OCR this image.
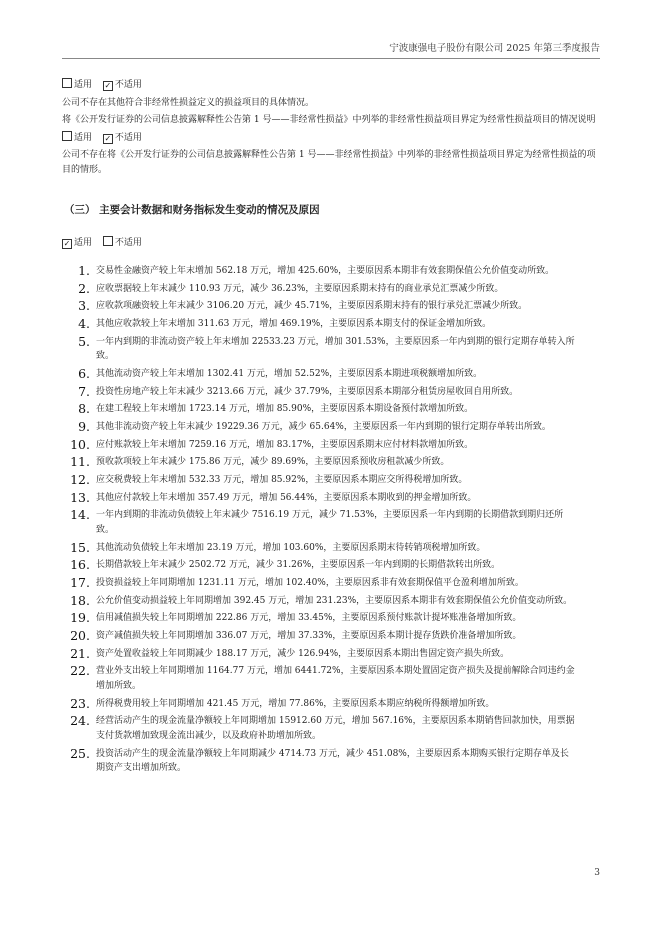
宁波康强电子股份有限公司 2025 年第三季度报告

适用 ✓ 不适用

公司不存在其他符合非经常性损益定义的损益项目的具体情况。

将《公开发行证券的公司信息披露解释性公告第 1 号——非经常性损益》中列举的非经常性损益项目界定为经常性损益项目的情况说明

适用 ✓ 不适用

公司不存在将《公开发行证券的公司信息披露解释性公告第 1 号——非经常性损益》中列举的非经常性损益项目界定为经常性损益的项目的情形。

（三） 主要会计数据和财务指标发生变动的情况及原因

✓ 适用	不适用

1. 交易性金融资产较上年末增加 562.18 万元，增加 425.60%，主要原因系本期非有效套期保值公允价值变动所致。
2. 应收票据较上年末减少 110.93 万元，减少 36.23%，主要原因系期末持有的商业承兑汇票减少所致。
3. 应收款项融资较上年末减少 3106.20 万元，减少 45.71%，主要原因系期末持有的银行承兑汇票减少所致。
4. 其他应收款较上年末增加 311.63 万元，增加 469.19%，主要原因系本期支付的保证金增加所致。
5. 一年内到期的非流动资产较上年末增加 22533.23 万元，增加 301.53%，主要原因系一年内到期的银行定期存单转入所致。
6. 其他流动资产较上年末增加 1302.41 万元，增加 52.52%，主要原因系本期进项税额增加所致。
7. 投资性房地产较上年末减少 3213.66 万元，减少 37.79%，主要原因系本期部分租赁房屋收回自用所致。
8. 在建工程较上年末增加 1723.14 万元，增加 85.90%，主要原因系本期设备预付款增加所致。
9. 其他非流动资产较上年末减少 19229.36 万元，减少 65.64%，主要原因系一年内到期的银行定期存单转出所致。
10. 应付账款较上年末增加 7259.16 万元，增加 83.17%，主要原因系期末应付材料款增加所致。
11. 预收款项较上年末减少 175.86 万元，减少 89.69%，主要原因系预收房租款减少所致。
12. 应交税费较上年末增加 532.33 万元，增加 85.92%，主要原因系本期应交所得税增加所致。
13. 其他应付款较上年末增加 357.49 万元，增加 56.44%，主要原因系本期收到的押金增加所致。
14. 一年内到期的非流动负债较上年末减少 7516.19 万元，减少 71.53%，主要原因系一年内到期的长期借款到期归还所致。
15. 其他流动负债较上年末增加 23.19 万元，增加 103.60%，主要原因系期末待转销项税增加所致。
16. 长期借款较上年末减少 2502.72 万元，减少 31.26%，主要原因系一年内到期的长期借款转出所致。
17. 投资损益较上年同期增加 1231.11 万元，增加 102.40%，主要原因系非有效套期保值平仓盈利增加所致。
18. 公允价值变动损益较上年同期增加 392.45 万元，增加 231.23%，主要原因系本期非有效套期保值公允价值变动所致。
19. 信用减值损失较上年同期增加 222.86 万元，增加 33.45%，主要原因系预付账款计提坏账准备增加所致。
20. 资产减值损失较上年同期增加 336.07 万元，增加 37.33%，主要原因系本期计提存货跌价准备增加所致。
21. 资产处置收益较上年同期减少 188.17 万元，减少 126.94%，主要原因系本期出售固定资产损失所致。
22. 营业外支出较上年同期增加 1164.77 万元，增加 6441.72%，主要原因系本期处置固定资产损失及提前解除合同违约金增加所致。
23. 所得税费用较上年同期增加 421.45 万元，增加 77.86%，主要原因系本期应纳税所得额增加所致。
24. 经营活动产生的现金流量净额较上年同期增加 15912.60 万元，增加 567.16%，主要原因系本期销售回款加快，用票据支付货款增加致现金流出减少，以及政府补助增加所致。
25. 投资活动产生的现金流量净额较上年同期减少 4714.73 万元，减少 451.08%，主要原因系本期购买银行定期存单及长期资产支出增加所致。
3
